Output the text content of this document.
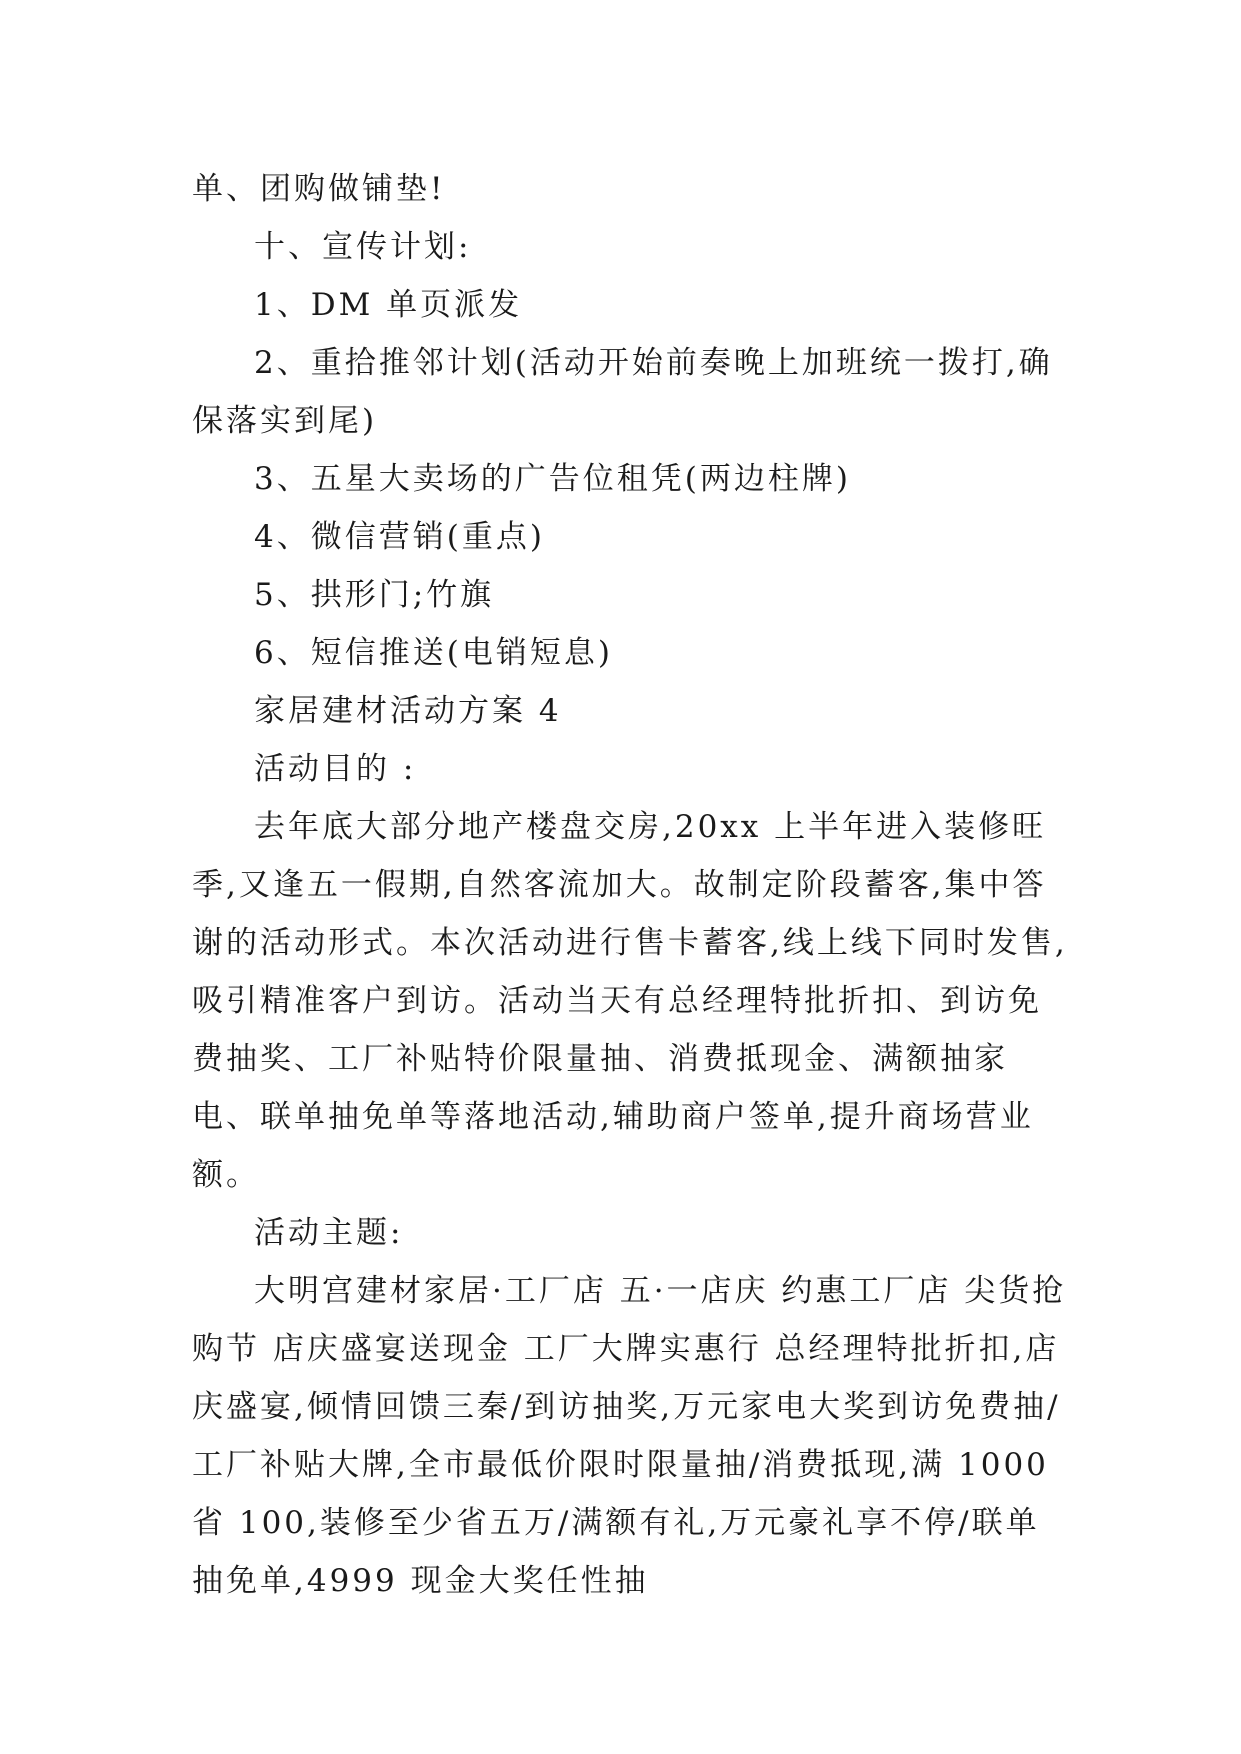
单、团购做铺垫!

十、宣传计划:

1、DM 单页派发

2、重拾推邻计划(活动开始前奏晚上加班统一拨打,确保落实到尾)

3、五星大卖场的广告位租凭(两边柱牌)

4、微信营销(重点)

5、拱形门;竹旗

6、短信推送(电销短息)

家居建材活动方案 4

活动目的 :

去年底大部分地产楼盘交房,20xx 上半年进入装修旺季,又逢五一假期,自然客流加大。故制定阶段蓄客,集中答谢的活动形式。本次活动进行售卡蓄客,线上线下同时发售,吸引精准客户到访。活动当天有总经理特批折扣、到访免费抽奖、工厂补贴特价限量抽、消费抵现金、满额抽家电、联单抽免单等落地活动,辅助商户签单,提升商场营业额。

活动主题:

大明宫建材家居·工厂店 五·一店庆 约惠工厂店 尖货抢购节 店庆盛宴送现金 工厂大牌实惠行 总经理特批折扣,店庆盛宴,倾情回馈三秦/到访抽奖,万元家电大奖到访免费抽/工厂补贴大牌,全市最低价限时限量抽/消费抵现,满 1000 省 100,装修至少省五万/满额有礼,万元豪礼享不停/联单抽免单,4999 现金大奖任性抽
